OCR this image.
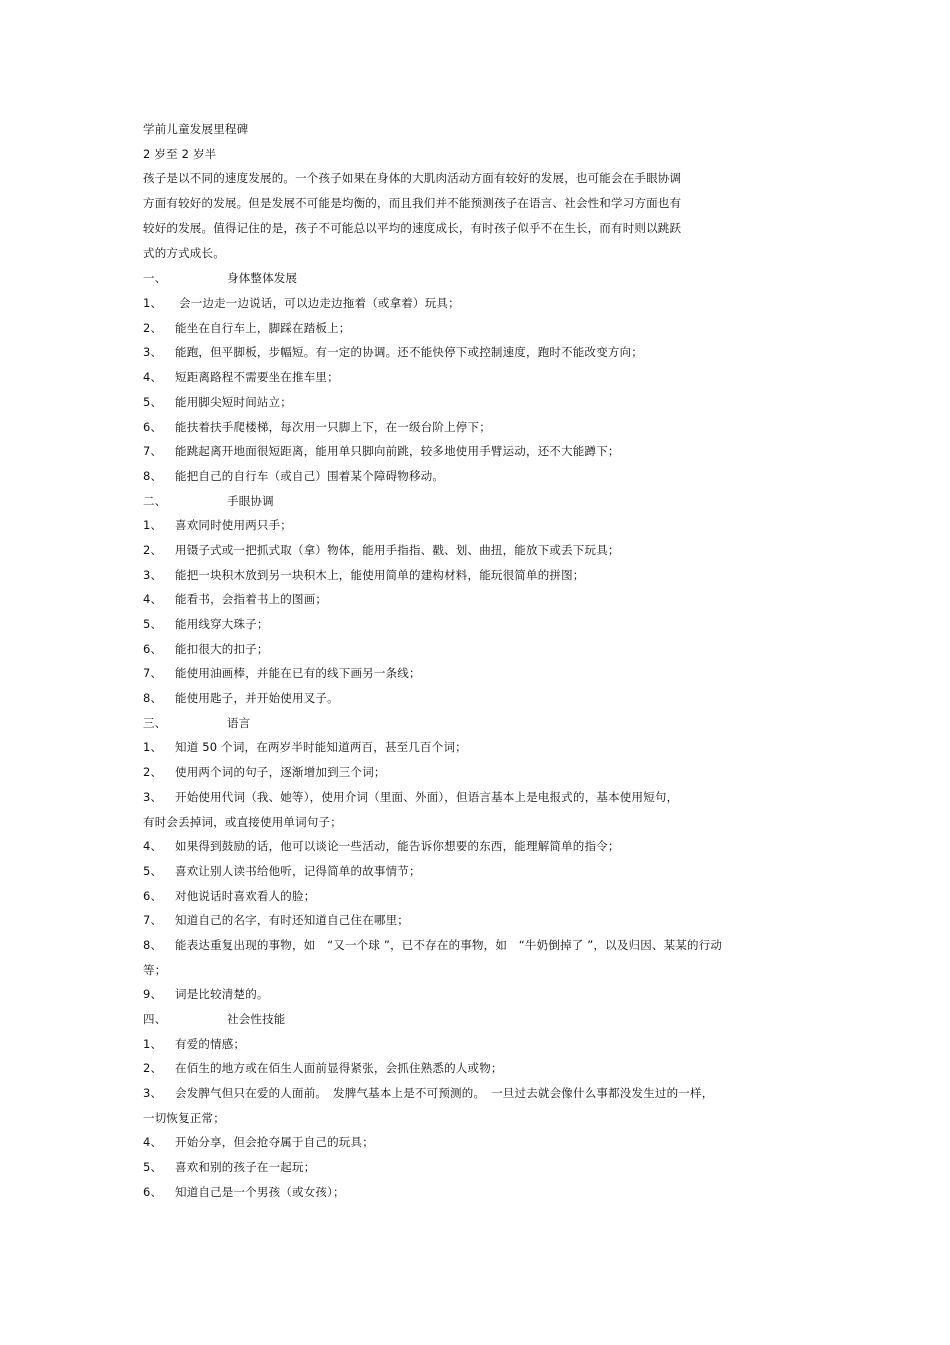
学前儿童发展里程碑
2 岁至 2 岁半
孩子是以不同的速度发展的。一个孩子如果在身体的大肌肉活动方面有较好的发展，也可能会在手眼协调
方面有较好的发展。但是发展不可能是均衡的，而且我们并不能预测孩子在语言、社会性和学习方面也有
较好的发展。值得记住的是，孩子不可能总以平均的速度成长，有时孩子似乎不在生长，而有时则以跳跃
式的方式成长。
一、	身体整体发展
1、 会一边走一边说话，可以边走边拖着（或拿着）玩具；
2、 能坐在自行车上，脚踩在踏板上；
3、 能跑，但平脚板，步幅短。有一定的协调。还不能快停下或控制速度，跑时不能改变方向；
4、 短距离路程不需要坐在推车里；
5、 能用脚尖短时间站立；
6、 能扶着扶手爬楼梯，每次用一只脚上下，在一级台阶上停下；
7、 能跳起离开地面很短距离，能用单只脚向前跳，较多地使用手臂运动，还不大能蹲下；
8、 能把自己的自行车（或自己）围着某个障碍物移动。
二、	手眼协调
1、 喜欢同时使用两只手；
2、 用镊子式或一把抓式取（拿）物体，能用手指指、戳、划、曲扭，能放下或丢下玩具；
3、 能把一块积木放到另一块积木上，能使用简单的建构材料，能玩很简单的拼图；
4、 能看书，会指着书上的图画；
5、 能用线穿大珠子；
6、 能扣很大的扣子；
7、 能使用油画棒，并能在已有的线下画另一条线；
8、 能使用匙子，并开始使用叉子。
三、	语言
1、 知道 50 个词，在两岁半时能知道两百，甚至几百个词；
2、 使用两个词的句子，逐渐增加到三个词；
3、 开始使用代词（我、她等），使用介词（里面、外面），但语言基本上是电报式的，基本使用短句，
有时会丢掉词，或直接使用单词句子；
4、 如果得到鼓励的话，他可以谈论一些活动，能告诉你想要的东西，能理解简单的指令；
5、 喜欢让别人读书给他听，记得简单的故事情节；
6、 对他说话时喜欢看人的脸；
7、 知道自己的名字，有时还知道自己住在哪里；
8、 能表达重复出现的事物，如　“又一个球 ”，已不存在的事物，如　“牛奶倒掉了 ”，以及归因、某某的行动
等；
9、 词是比较清楚的。
四、	社会性技能
1、 有爱的情感；
2、 在佰生的地方或在佰生人面前显得紧张，会抓住熟悉的人或物；
3、 会发脾气但只在爱的人面前。　发脾气基本上是不可预测的。　一旦过去就会像什么事都没发生过的一样，
一切恢复正常；
4、 开始分享，但会抢夺属于自己的玩具；
5、 喜欢和别的孩子在一起玩；
6、 知道自己是一个男孩（或女孩）；
